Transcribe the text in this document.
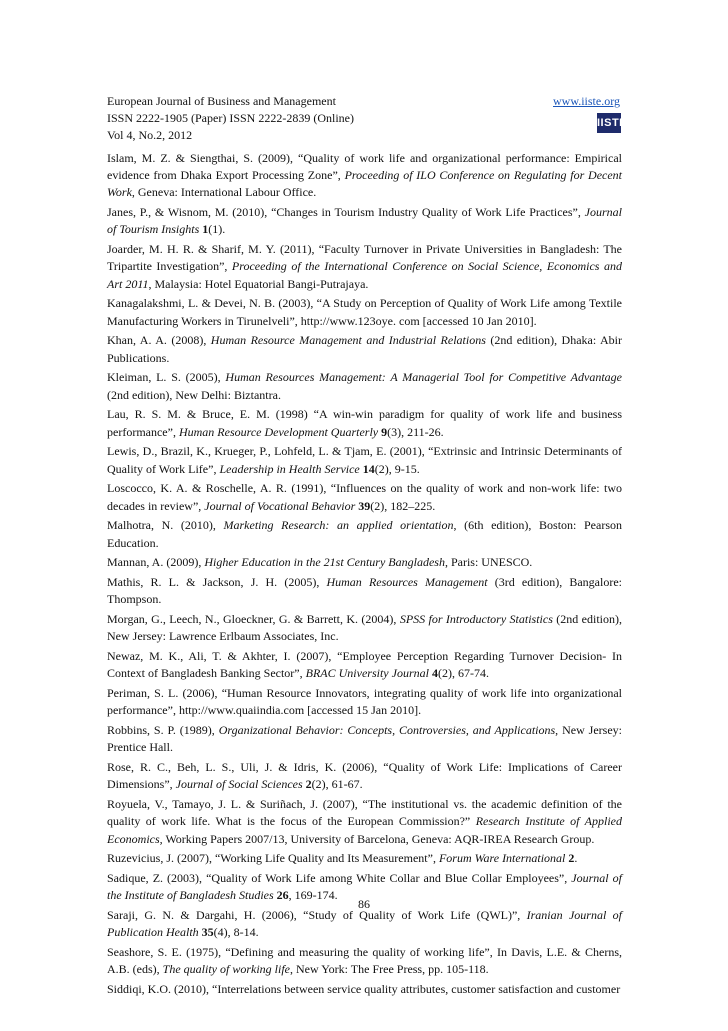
European Journal of Business and Management
ISSN 2222-1905 (Paper) ISSN 2222-2839 (Online)
Vol 4, No.2, 2012
www.iiste.org
IISTE
Islam, M. Z. & Siengthai, S. (2009), “Quality of work life and organizational performance: Empirical evidence from Dhaka Export Processing Zone”, Proceeding of ILO Conference on Regulating for Decent Work, Geneva: International Labour Office.
Janes, P., & Wisnom, M. (2010), “Changes in Tourism Industry Quality of Work Life Practices”, Journal of Tourism Insights 1(1).
Joarder, M. H. R. & Sharif, M. Y. (2011), “Faculty Turnover in Private Universities in Bangladesh: The Tripartite Investigation”, Proceeding of the International Conference on Social Science, Economics and Art 2011, Malaysia: Hotel Equatorial Bangi-Putrajaya.
Kanagalakshmi, L. & Devei, N. B. (2003), “A Study on Perception of Quality of Work Life among Textile Manufacturing Workers in Tirunelveli”, http://www.123oye. com [accessed 10 Jan 2010].
Khan, A. A. (2008), Human Resource Management and Industrial Relations (2nd edition), Dhaka: Abir Publications.
Kleiman, L. S. (2005), Human Resources Management: A Managerial Tool for Competitive Advantage (2nd edition), New Delhi: Biztantra.
Lau, R. S. M. & Bruce, E. M. (1998) “A win-win paradigm for quality of work life and business performance”, Human Resource Development Quarterly 9(3), 211-26.
Lewis, D., Brazil, K., Krueger, P., Lohfeld, L. & Tjam, E. (2001), “Extrinsic and Intrinsic Determinants of Quality of Work Life”, Leadership in Health Service 14(2), 9-15.
Loscocco, K. A. & Roschelle, A. R. (1991), “Influences on the quality of work and non-work life: two decades in review”, Journal of Vocational Behavior 39(2), 182–225.
Malhotra, N. (2010), Marketing Research: an applied orientation, (6th edition), Boston: Pearson Education.
Mannan, A. (2009), Higher Education in the 21st Century Bangladesh, Paris: UNESCO.
Mathis, R. L. & Jackson, J. H. (2005), Human Resources Management (3rd edition), Bangalore: Thompson.
Morgan, G., Leech, N., Gloeckner, G. & Barrett, K. (2004), SPSS for Introductory Statistics (2nd edition), New Jersey: Lawrence Erlbaum Associates, Inc.
Newaz, M. K., Ali, T. & Akhter, I. (2007), “Employee Perception Regarding Turnover Decision- In Context of Bangladesh Banking Sector”, BRAC University Journal 4(2), 67-74.
Periman, S. L. (2006), “Human Resource Innovators, integrating quality of work life into organizational performance”, http://www.quaiindia.com [accessed 15 Jan 2010].
Robbins, S. P. (1989), Organizational Behavior: Concepts, Controversies, and Applications, New Jersey: Prentice Hall.
Rose, R. C., Beh, L. S., Uli, J. & Idris, K. (2006), “Quality of Work Life: Implications of Career Dimensions”, Journal of Social Sciences 2(2), 61-67.
Royuela, V., Tamayo, J. L. & Suriñach, J. (2007), “The institutional vs. the academic definition of the quality of work life. What is the focus of the European Commission?” Research Institute of Applied Economics, Working Papers 2007/13, University of Barcelona, Geneva: AQR-IREA Research Group.
Ruzevicius, J. (2007), “Working Life Quality and Its Measurement”, Forum Ware International 2.
Sadique, Z. (2003), “Quality of Work Life among White Collar and Blue Collar Employees”, Journal of the Institute of Bangladesh Studies 26, 169-174.
Saraji, G. N. & Dargahi, H. (2006), “Study of Quality of Work Life (QWL)”, Iranian Journal of Publication Health 35(4), 8-14.
Seashore, S. E. (1975), “Defining and measuring the quality of working life”, In Davis, L.E. & Cherns, A.B. (eds), The quality of working life, New York: The Free Press, pp. 105-118.
Siddiqi, K.O. (2010), “Interrelations between service quality attributes, customer satisfaction and customer
86
